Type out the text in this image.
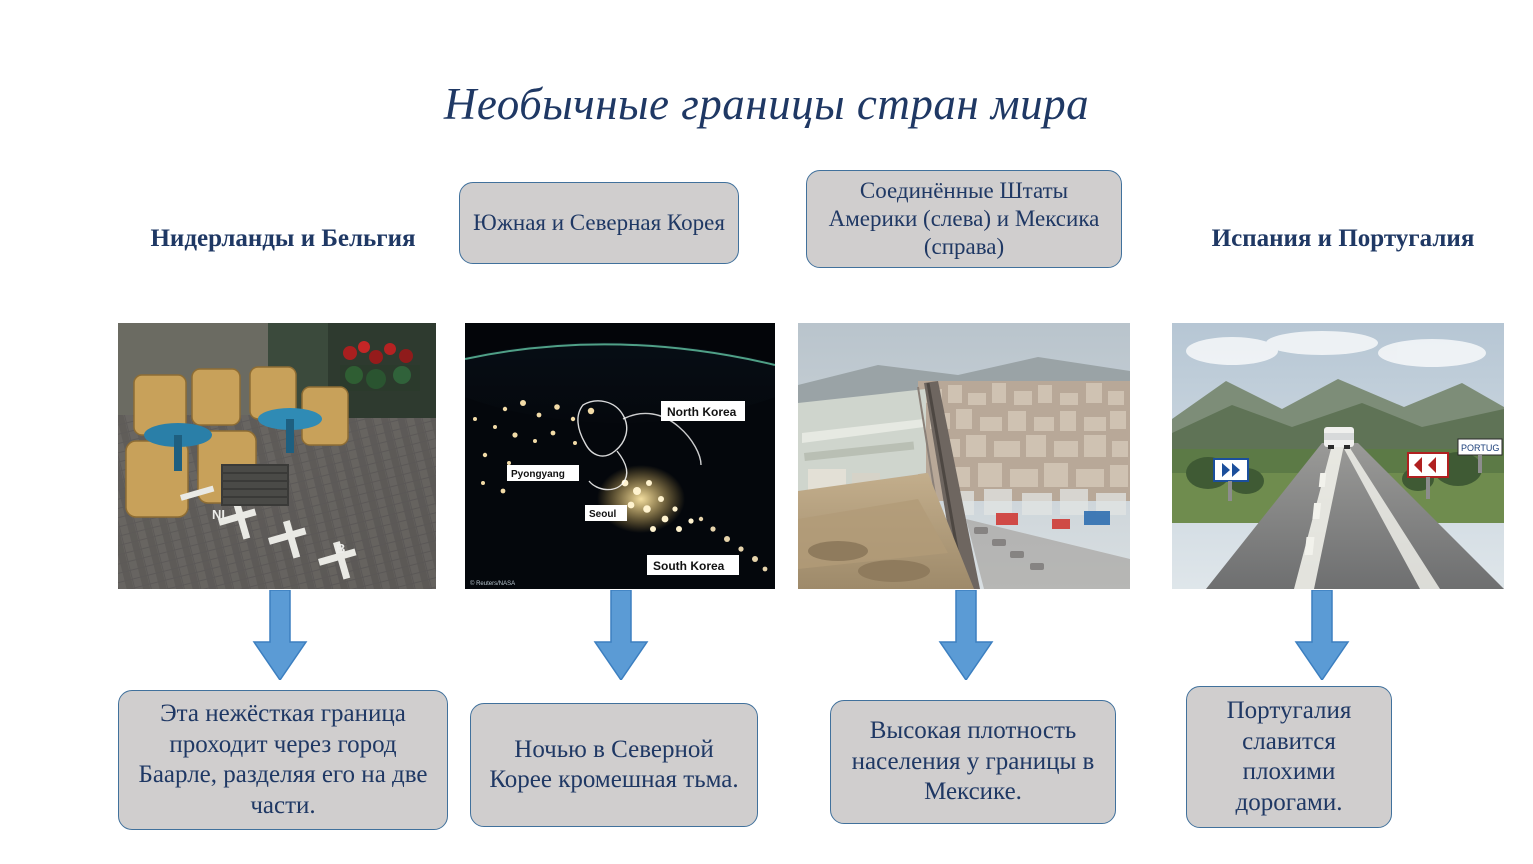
Необычные границы стран мира
Нидерланды и Бельгия
Южная и Северная Корея
Соединённые Штаты Америки (слева) и Мексика (справа)	Испания и Португалия
NL
B
North Korea
Pyongyang
Seoul
South Korea
© Reuters/NASA
PORTUG
Эта нежёсткая граница проходит через город Баарле, разделяя его на две части.
Ночью в Северной Корее кромешная тьма.
Высокая плотность населения у границы в Мексике.
Португалия славится плохими дорогами.
